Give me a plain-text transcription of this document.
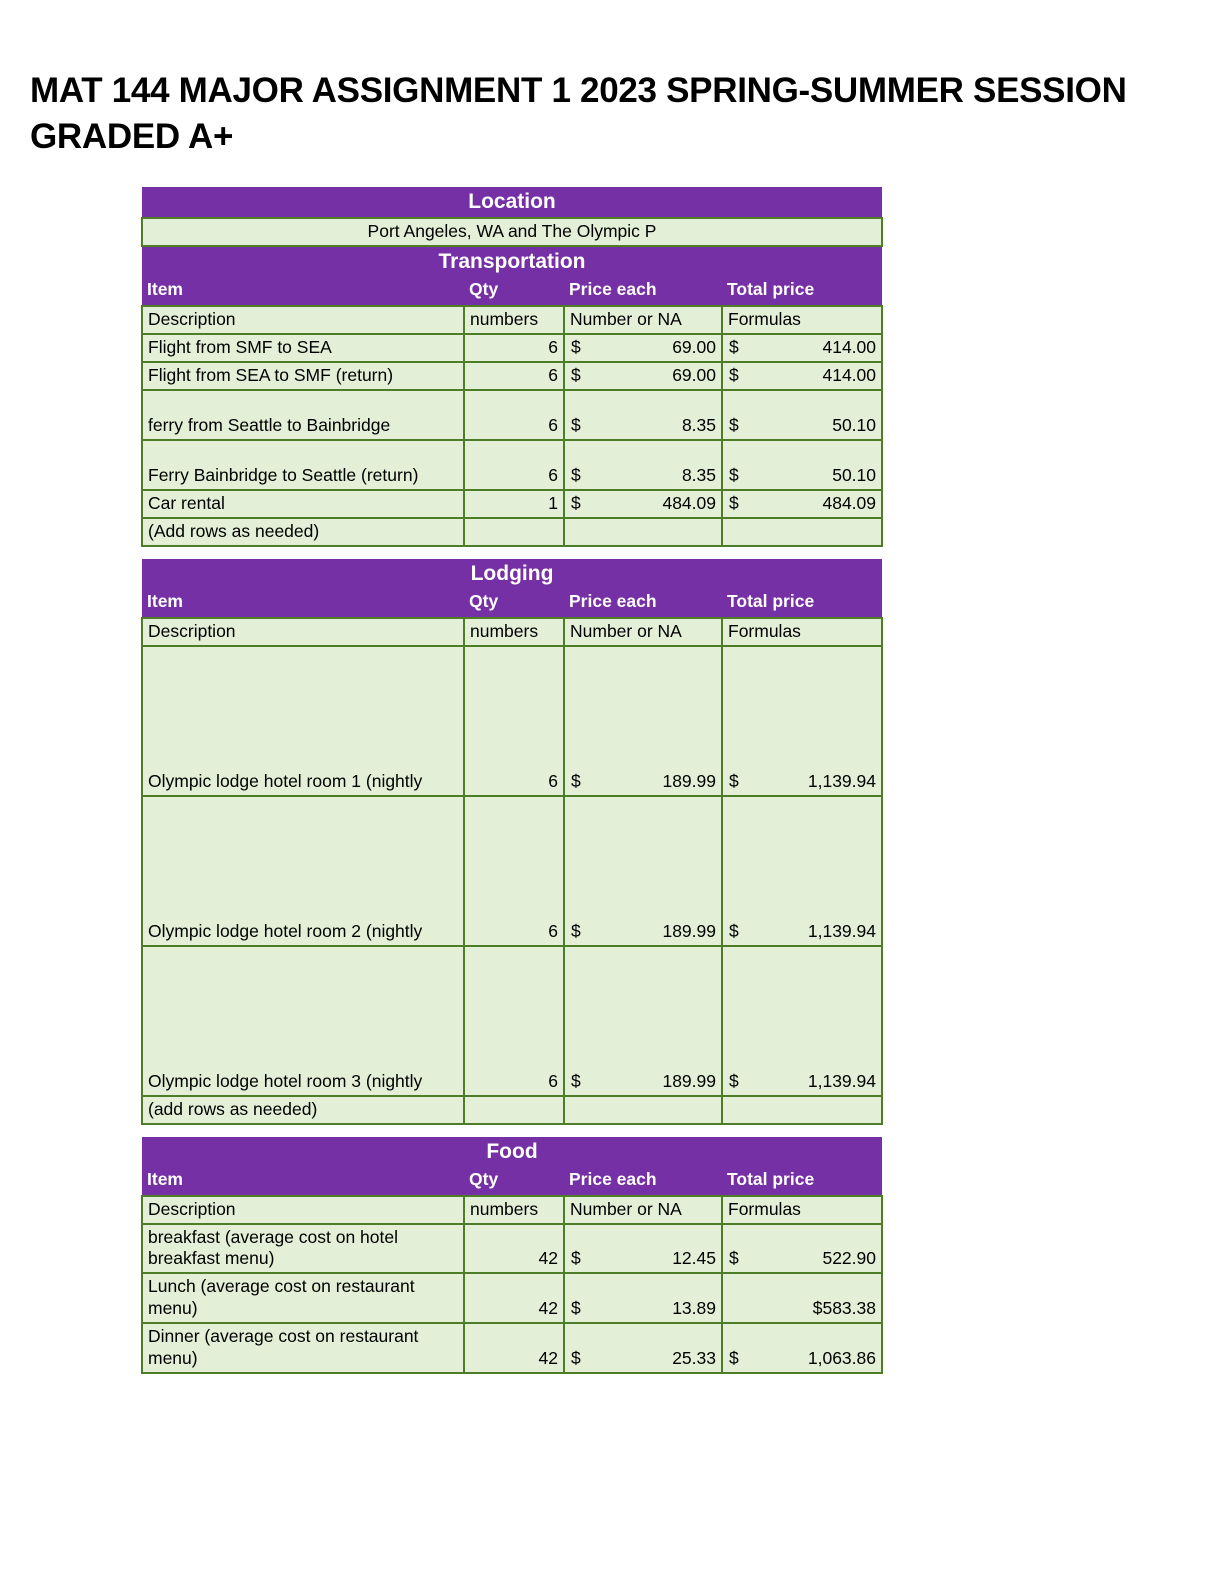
MAT 144 MAJOR ASSIGNMENT 1 2023 SPRING-SUMMER SESSION GRADED A+
Location
Port Angeles, WA and The Olympic P
Transportation			
Item	Qty	Price each	Total price
Description	numbers	Number or NA	Formulas
Flight from SMF to SEA	6	$ 69.00	$ 414.00
Flight from SEA to SMF (return)	6	$ 69.00	$ 414.00
ferry from Seattle to Bainbridge	6	$ 8.35	$ 50.10
Ferry Bainbridge to Seattle (return)	6	$ 8.35	$ 50.10
Car rental	1	$ 484.09	$ 484.09
(Add rows as needed)		

Lodging			
Item	Qty	Price each	Total price
Description	numbers	Number or NA	Formulas
Olympic lodge hotel room 1 (nightly	6	$ 189.99	$ 1,139.94
Olympic lodge hotel room 2 (nightly	6	$ 189.99	$ 1,139.94
Olympic lodge hotel room 3 (nightly	6	$ 189.99	$ 1,139.94
(add rows as needed)		

Food			
Item	Qty	Price each	Total price
Description	numbers	Number or NA	Formulas
breakfast (average cost on hotel breakfast menu)	42	$ 12.45	$ 522.90
Lunch (average cost on restaurant menu)	42	$ 13.89	$583.38
Dinner (average cost on restaurant menu)	42	$ 25.33	$ 1,063.86
